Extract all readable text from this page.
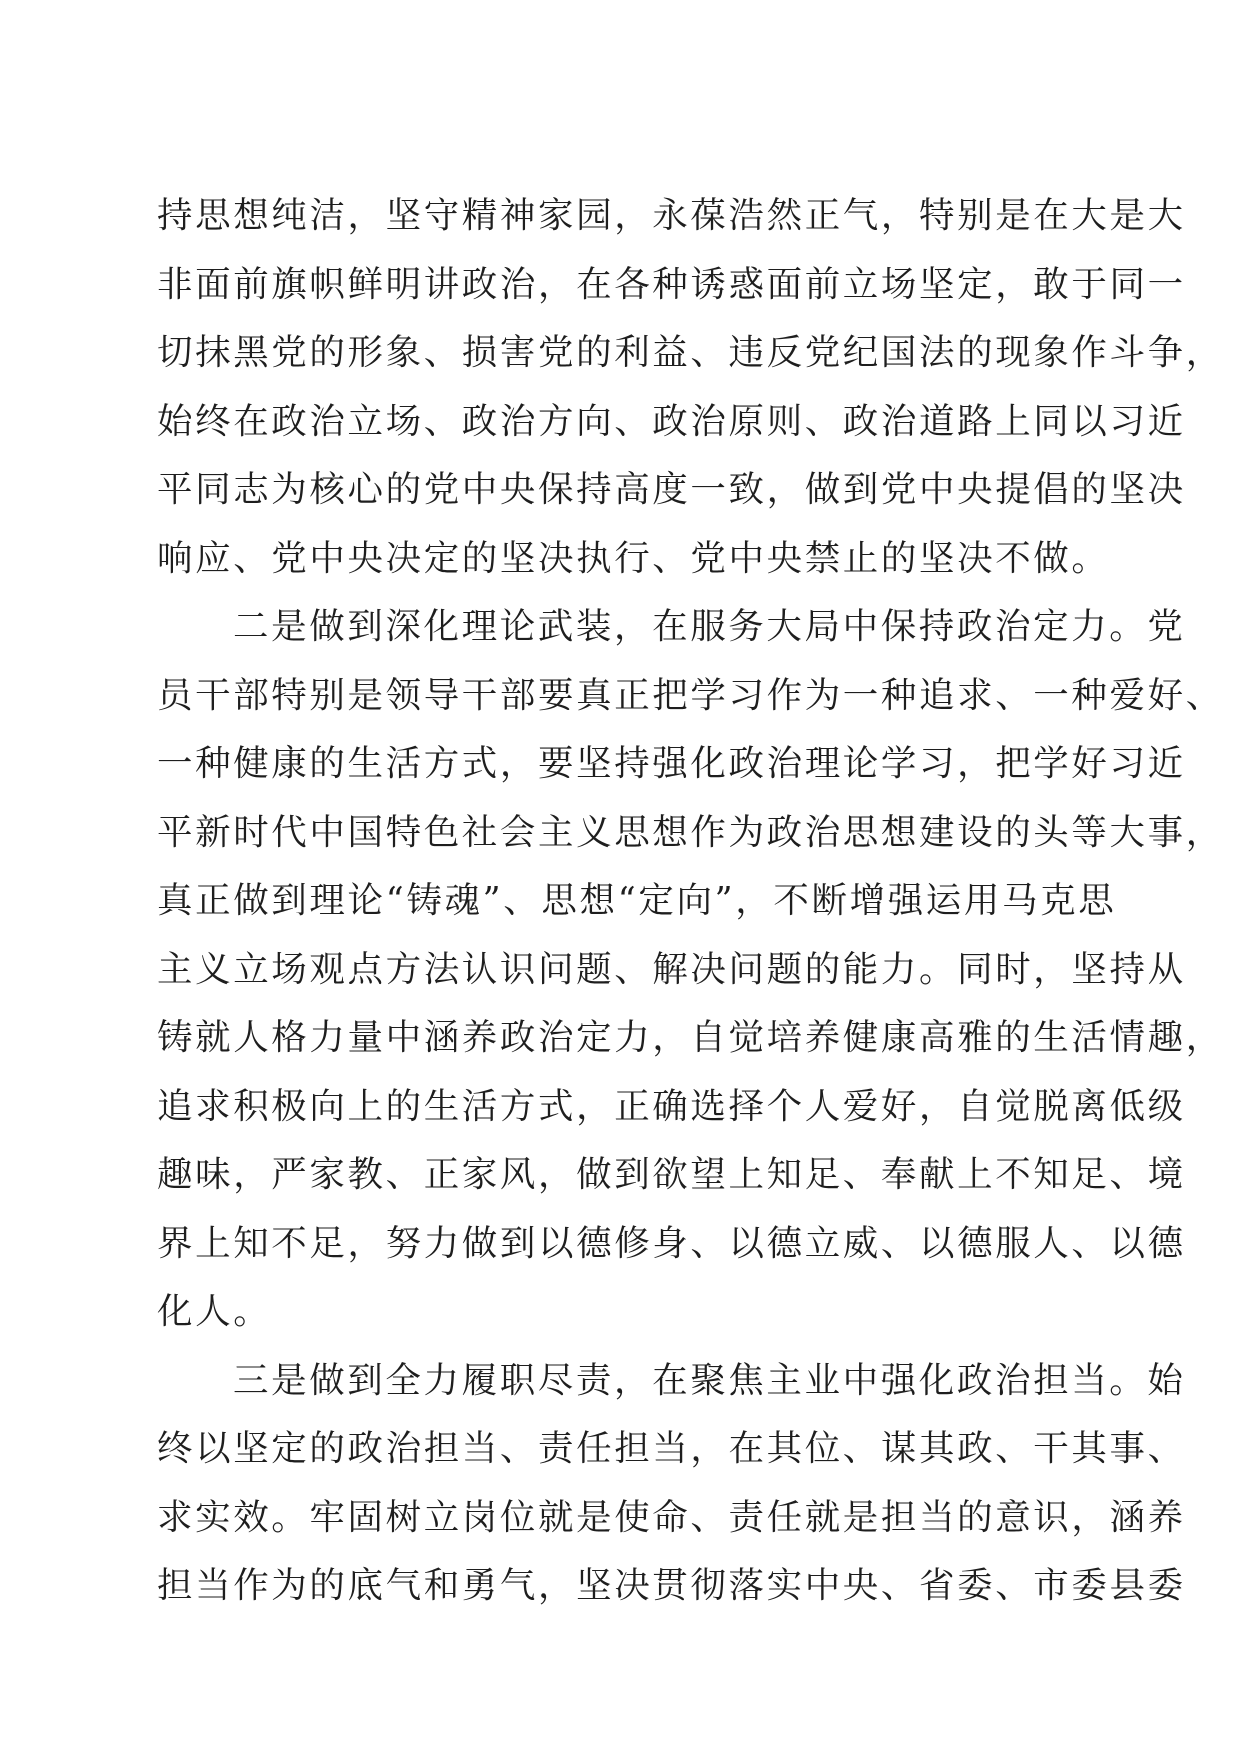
持思想纯洁，坚守精神家园，永葆浩然正气，特别是在大是大
非面前旗帜鲜明讲政治，在各种诱惑面前立场坚定，敢于同一
切抹黑党的形象、损害党的利益、违反党纪国法的现象作斗争，
始终在政治立场、政治方向、政治原则、政治道路上同以习近
平同志为核心的党中央保持高度一致，做到党中央提倡的坚决
响应、党中央决定的坚决执行、党中央禁止的坚决不做。

二是做到深化理论武装，在服务大局中保持政治定力。党
员干部特别是领导干部要真正把学习作为一种追求、一种爱好、
一种健康的生活方式，要坚持强化政治理论学习，把学好习近
平新时代中国特色社会主义思想作为政治思想建设的头等大事，
真正做到理论“铸魂”、思想“定向”，不断增强运用马克思
主义立场观点方法认识问题、解决问题的能力。同时，坚持从
铸就人格力量中涵养政治定力，自觉培养健康高雅的生活情趣，
追求积极向上的生活方式，正确选择个人爱好，自觉脱离低级
趣味，严家教、正家风，做到欲望上知足、奉献上不知足、境
界上知不足，努力做到以德修身、以德立威、以德服人、以德
化人。

三是做到全力履职尽责，在聚焦主业中强化政治担当。始
终以坚定的政治担当、责任担当，在其位、谋其政、干其事、
求实效。牢固树立岗位就是使命、责任就是担当的意识，涵养
担当作为的底气和勇气，坚决贯彻落实中央、省委、市委县委
